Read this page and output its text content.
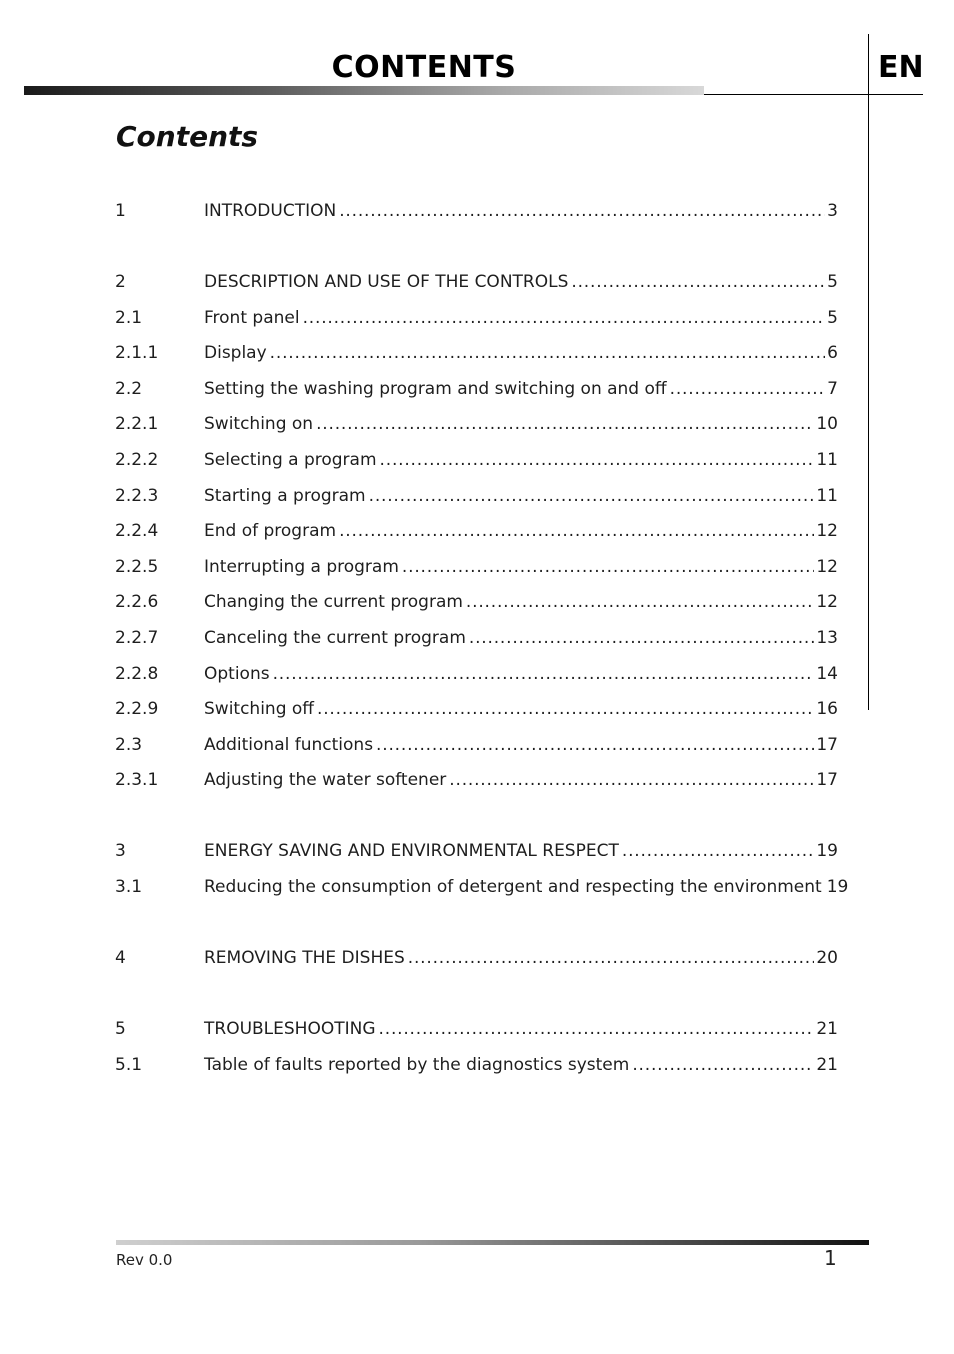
CONTENTS	EN
Contents
1	INTRODUCTION .....	3
2	DESCRIPTION AND USE OF THE CONTROLS .....	5
2.1	Front panel .....	5
2.1.1	Display .....	6
2.2	Setting the washing program and switching on and off .....	7
2.2.1	Switching on .....	10
2.2.2	Selecting a program .....	11
2.2.3	Starting a program .....	11
2.2.4	End of program .....	12
2.2.5	Interrupting a program .....	12
2.2.6	Changing the current program .....	12
2.2.7	Canceling the current program .....	13
2.2.8	Options .....	14
2.2.9	Switching off .....	16
2.3	Additional functions .....	17
2.3.1	Adjusting the water softener .....	17
3	ENERGY SAVING AND ENVIRONMENTAL RESPECT .....	19
3.1	Reducing the consumption of detergent and respecting the environment 19
4	REMOVING THE DISHES .....	20
5	TROUBLESHOOTING .....	21
5.1	Table of faults reported by the diagnostics system .....	21
Rev 0.0	1
